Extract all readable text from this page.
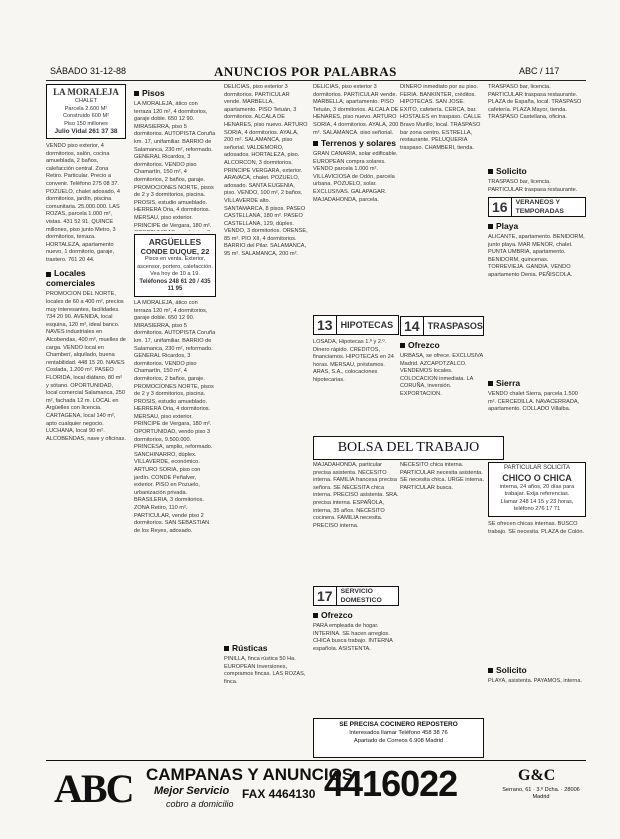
SÁBADO 31-12-88	ANUNCIOS POR PALABRAS	ABC / 117
LA MORALEJA
CHALET
Parcela 2.600 M²
Construido 600 M²
Piso 150 millones
Julio Vidal 261 37 38

VENDO piso exterior, 4 dormitorios, salón, cocina amueblada, 2 baños, calefacción central. Zona Retiro. Particular. Precio a convenir. Teléfono 275 08 37. POZUELO, chalet adosado, 4 dormitorios, jardín, piscina comunitaria. 25.000.000. LAS ROZAS, parcela 1.000 m², vistas. 431 52 91. QUINCE millones, piso junto Metro, 3 dormitorios, terraza. HORTALEZA, apartamento nuevo, 1 dormitorio, garaje, trastero. 761 20 44.

Locales comerciales

PROMOCION DEL NORTE, locales de 60 a 400 m², precios muy interesantes, facilidades. 734 20 90. AVENIDA, local esquina, 120 m², ideal banco. NAVES industriales en Alcobendas, 400 m², muelles de carga. VENDO local en Chamberí, alquilado, buena rentabilidad. 448 15 20. NAVES Coslada, 1.200 m². PASEO FLORIDA, local diáfano, 80 m² y sótano. OPORTUNIDAD, local comercial Salamanca, 250 m², fachada 12 m. LOCAL en Argüelles con licencia. CARTAGENA, local 140 m², apto cualquier negocio. LUCHANA, local 90 m². ALCOBENDAS, nave y oficinas.

Pisos

LA MORALEJA, ático con terraza 120 m², 4 dormitorios, garaje doble. 650 12 90. MIRASIERRA, piso 5 dormitorios. AUTOPISTA Coruña km. 17, unifamiliar. BARRIO de Salamanca, 230 m², reformado. GENERAL Ricardos, 3 dormitorios. VENDO piso Chamartín, 150 m², 4 dormitorios, 2 baños, garaje. PROMOCIONES NORTE, pisos de 2 y 3 dormitorios, piscina. PROSIS, estudio amueblado. HERRERA Oria, 4 dormitorios. MERSAU, piso exterior. PRINCIPE de Vergara, 180 m².

ARGÜELLES
CONDE DUQUE, 22
Pisos en venta. Exterior, ascensor, portero, calefacción. Vea hoy de 10 a 19.
Teléfonos 248 61 20 / 435 11 95

LA MORALEJA, ático con terraza 120 m², 4 dormitorios, garaje doble. 650 12 90. MIRASIERRA, piso 5 dormitorios. AUTOPISTA Coruña km. 17, unifamiliar. BARRIO de Salamanca, 230 m², reformado. GENERAL Ricardos, 3 dormitorios. VENDO piso Chamartín, 150 m², 4 dormitorios, 2 baños, garaje. PROMOCIONES NORTE, pisos de 2 y 3 dormitorios, piscina. PROSIS, estudio amueblado. HERRERA Oria, 4 dormitorios. MERSAU, piso exterior. PRINCIPE de Vergara, 180 m². OPORTUNIDAD, vendo piso 3 dormitorios, 9.500.000. PRINCESA, amplio, reformado. SANCHINARRO, dúplex. VILLAVERDE, económico. ARTURO SORIA, piso con jardín. CONDE Peñalver, exterior. PISO en Pozuelo, urbanización privada. BRASILERIA, 3 dormitorios. ZONA Retiro, 110 m². PARTICULAR, vende piso 2 dormitorios. SAN SEBASTIAN de los Reyes, adosado.

DELICIAS, piso exterior 3 dormitorios. PARTICULAR vende. MARBELLA, apartamento. PISO Tetuán, 3 dormitorios. ALCALA DE HENARES, piso nuevo. ARTURO SORIA, 4 dormitorios. AYALA, 200 m². SALAMANCA, piso señorial. VALDEMORO, adosados. HORTALEZA, piso. ALCORCON, 3 dormitorios. PRINCIPE VERGARA, exterior. ARAVACA, chalet. POZUELO, adosado. SANTA EUGENIA, piso. VENDO, 100 m², 2 baños. VILLAVERDE alto. SANTAMARCA, 8 pisos. PASEO CASTELLANA, 180 m². PASEO CASTELLANA, 129, dúplex. VENDO, 3 dormitorios. ORENSE, 85 m². PIO XII, 4 dormitorios. BARRIO del Pilar. SALAMANCA, 95 m². SALAMANCA, 200 m².

Rústicas

PINILLA, finca rústica 50 Ha. EUROPEAN Inversiones, compramos fincas. LAS ROZAS, finca.

DELICIAS, piso exterior 3 dormitorios. PARTICULAR vende. MARBELLA, apartamento. PISO Tetuán, 3 dormitorios. ALCALA DE HENARES, piso nuevo. ARTURO SORIA, 4 dormitorios. AYALA, 200 m². SALAMANCA, piso señorial.

Terrenos y solares

GRAN CANARIA, solar edificable. EUROPEAN compra solares. VENDO parcela 1.000 m². VILLAVICIOSA de Odón, parcela urbana. POZUELO, solar. EXCLUSIVAS. GALAPAGAR. MAJADAHONDA, parcela.

13 HIPOTECAS

LOSADA, Hipotecas 1.º y 2.º. Dinero rápido. CREDITOS, financiamos. HIPOTECAS en 24 horas. MERSAU, préstamos. ARAS, S.A., colocaciones hipotecarias.

DINERO inmediato por su piso. FERIA. BANKINTER, créditos. HIPOTECAS. SAN JOSE. EXITO, cafetería. CERCA, bar. HOSTALES en traspaso. CALLE Bravo Murillo, local. TRASPASO bar zona centro. ESTRELLA, restaurante. PELUQUERIA traspaso. CHAMBERI, tienda.

14 TRASPASOS
Ofrezco

URBASA, se ofrece. EXCLUSIVA Madrid. AZCAPOTZALCO. VENDEMOS locales. COLOCACION inmediata. LA CORUÑA, inversión. EXPORTACION.

TRASPASO bar, licencia. PARTICULAR traspasa restaurante. PLAZA de España, local. TRASPASO cafetería. PLAZA Mayor, tienda. TRASPASO Castellana, oficina.

Solicito

TRASPASO bar, licencia. PARTICULAR traspasa restaurante.

16	VERANEOS Y TEMPORADAS
Playa

ALICANTE, apartamento. BENIDORM, junto playa. MAR MENOR, chalet. PUNTA UMBRIA, apartamento. BENIDORM, quincenas. TORREVIEJA. GANDIA. VENDO apartamento Denia. PEÑISCOLA.

Sierra

VENDO chalet Sierra, parcela 1.500 m². CERCEDILLA. NAVACERRADA, apartamento. COLLADO Villalba.

BOLSA DEL TRABAJO

MAJADAHONDA, particular precisa asistenta. NECESITO interna. FAMILIA francesa precisa señora. SE NECESITA chica interna. PRECISO asistenta. SRA. precisa interna. ESPAÑOLA, interna, 35 años. NECESITO cocinera. FAMILIA necesita. PRECISO interna.

17	SERVICIO DOMESTICO
Ofrezco

PARA empleada de hogar. INTERINA. SE hacen arreglos. CHICA busca trabajo. INTERNA española. ASISTENTA.

NECESITO chica interna. PARTICULAR necesita asistenta. SE necesita chica. URGE interna. PARTICULAR busca.

PARTICULAR SOLICITA
CHICO O CHICA
interna, 24 años, 20 días para trabajar. Exija referencias.
Llamar 248 14 15 y 23 horas, teléfono 276 17 71

SE ofrecen chicas internas. BUSCO trabajo. SE necesita. PLAZA de Colón.

Solicito

PLAYA, asistenta. PAYAMOS, interna.

SE PRECISA COCINERO REPOSTERO
Interesados llamar Teléfono 458 38 76
Apartado de Correos 6.908 Madrid
ABC CAMPANAS Y ANUNCIOS
Mejor Servicio
cobro a domicilio
FAX 4464130 4416022	G&C
Serrano, 61 · 3.º Dcha. · 28006 Madrid
